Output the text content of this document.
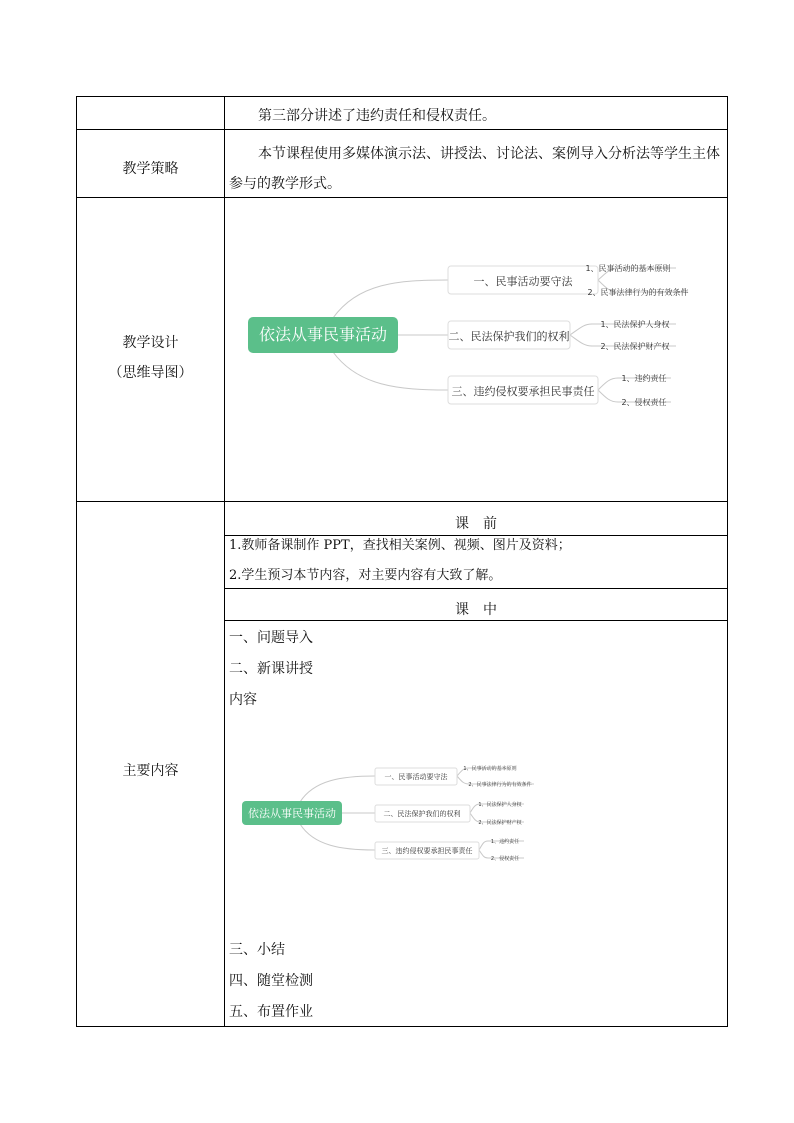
第三部分讲述了违约责任和侵权责任。
教学策略
本节课程使用多媒体演示法、讲授法、讨论法、案例导入分析法等学生主体
参与的教学形式。
教学设计
（思维导图）
依法从事民事活动
一、民事活动要守法
二、民法保护我们的权利
三、违约侵权要承担民事责任
1、民事活动的基本原则
2、民事法律行为的有效条件
1、民法保护人身权
2、民法保护财产权
1、违约责任
2、侵权责任
主要内容
课　前
1.教师备课制作 PPT，查找相关案例、视频、图片及资料；
2.学生预习本节内容，对主要内容有大致了解。
课　中
一、问题导入
二、新课讲授
内容
依法从事民事活动
一、民事活动要守法
二、民法保护我们的权利
三、违约侵权要承担民事责任
1、民事活动的基本原则
2、民事法律行为的有效条件
1、民法保护人身权
2、民法保护财产权
1、违约责任
2、侵权责任
三、小结
四、随堂检测
五、布置作业
